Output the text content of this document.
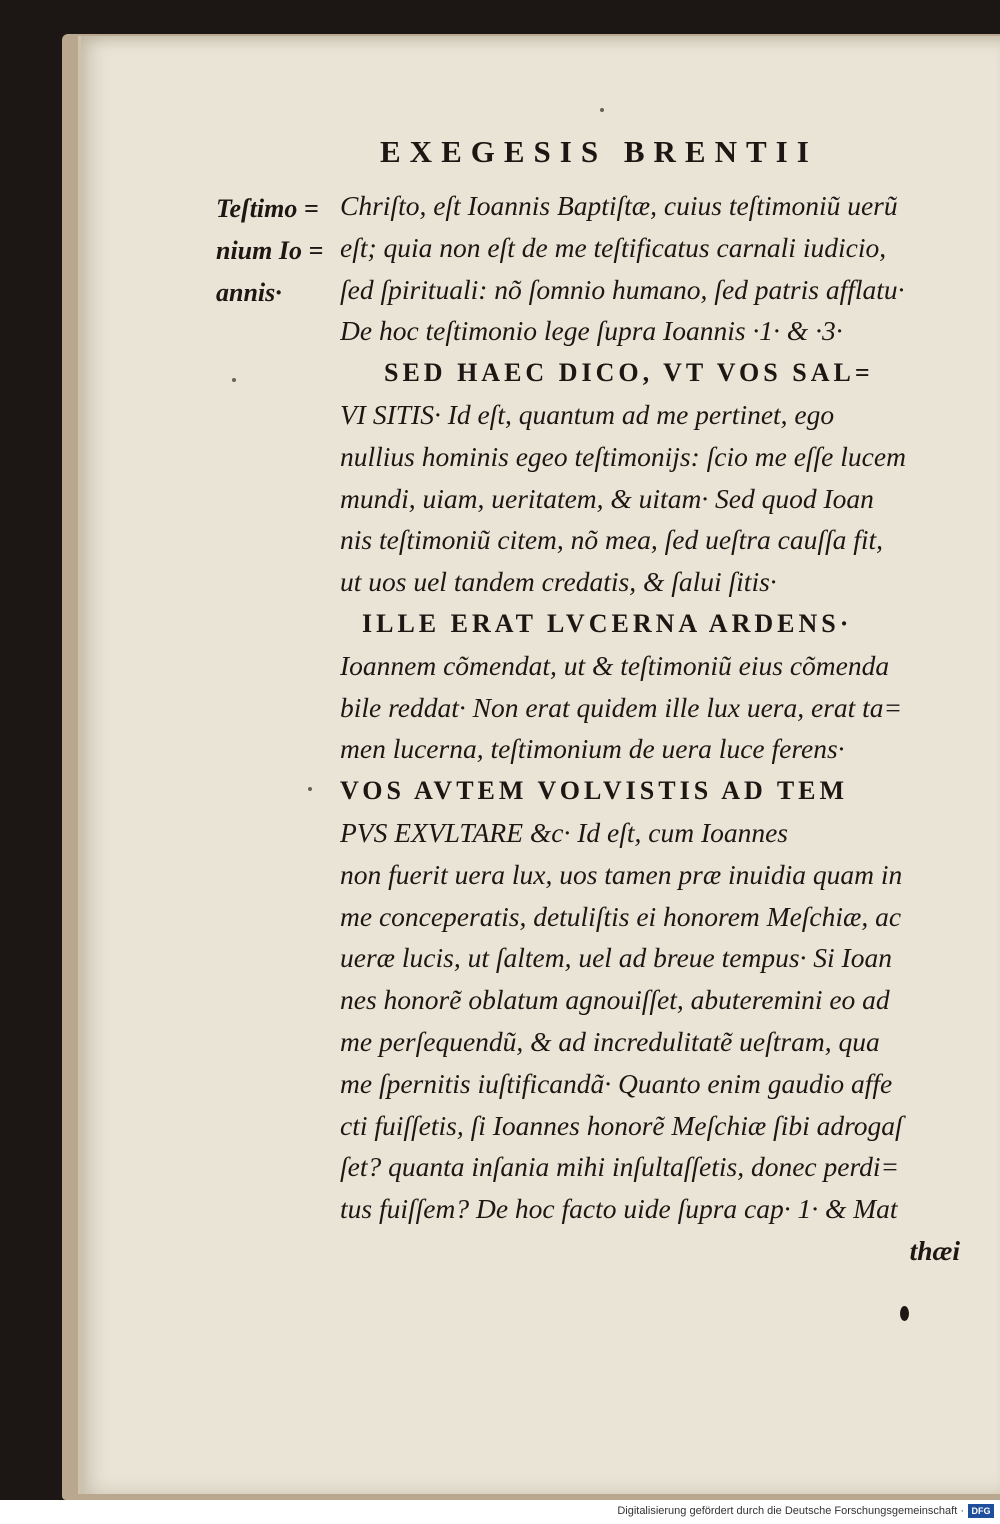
EXEGESIS BRENTII
Teſtimo =
nium Io =
annis·
Chriſto, eſt Ioannis Baptiſtæ, cuius teſtimoniũ uerũ
eſt; quia non eſt de me teſtificatus carnali iudicio,
ſed ſpirituali: nõ ſomnio humano, ſed patris afflatu·
De hoc teſtimonio lege ſupra Ioannis ·1· & ·3·
SED HAEC DICO, VT VOS SAL=
VI SITIS· Id eſt, quantum ad me pertinet, ego
nullius hominis egeo teſtimonijs: ſcio me eſſe lucem
mundi, uiam, ueritatem, & uitam· Sed quod Ioan
nis teſtimoniũ citem, nõ mea, ſed ueſtra cauſſa fit,
ut uos uel tandem credatis, & ſalui ſitis·
ILLE ERAT LVCERNA ARDENS·
Ioannem cõmendat, ut & teſtimoniũ eius cõmenda
bile reddat· Non erat quidem ille lux uera, erat ta=
men lucerna, teſtimonium de uera luce ferens·
VOS AVTEM VOLVISTIS AD TEM
PVS EXVLTARE &c· Id eſt, cum Ioannes
non fuerit uera lux, uos tamen præ inuidia quam in
me conceperatis, detuliſtis ei honorem Meſchiæ, ac
ueræ lucis, ut ſaltem, uel ad breue tempus· Si Ioan
nes honorẽ oblatum agnouiſſet, abuteremini eo ad
me perſequendũ, & ad incredulitatẽ ueſtram, qua
me ſpernitis iuſtificandã· Quanto enim gaudio affe
cti fuiſſetis, ſi Ioannes honorẽ Meſchiæ ſibi adrogaſ
ſet? quanta inſania mihi inſultaſſetis, donec perdi=
tus fuiſſem? De hoc facto uide ſupra cap· 1· & Mat
thæi
Digitalisierung gefördert durch die Deutsche Forschungsgemeinschaft · DFG
